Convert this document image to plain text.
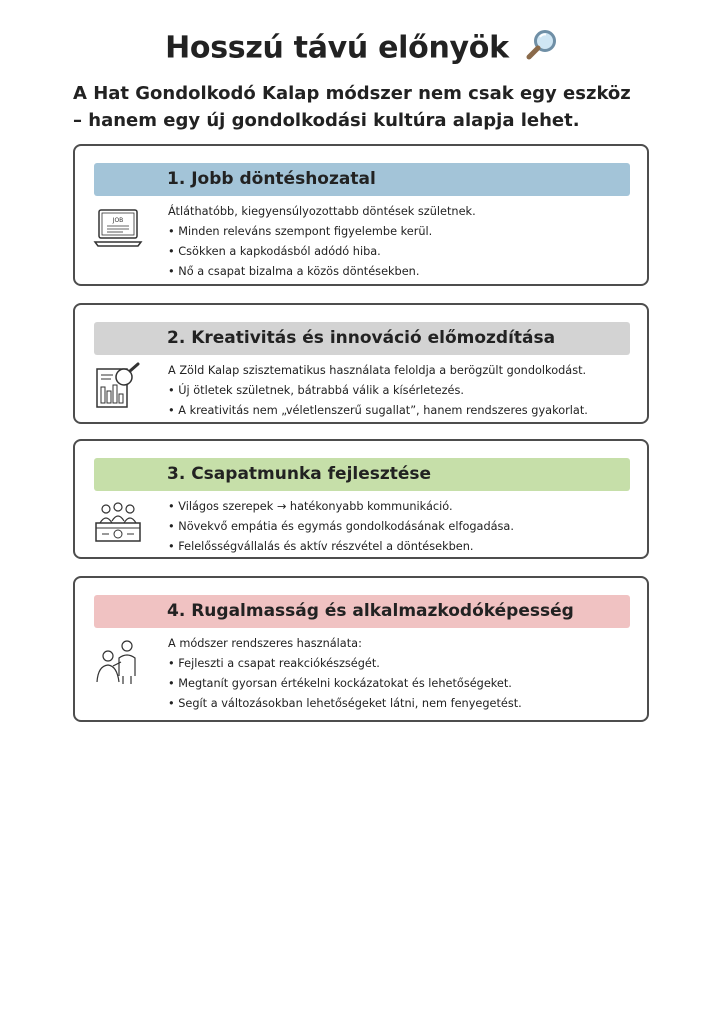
Hosszú távú előnyök
A Hat Gondolkodó Kalap módszer nem csak egy eszköz
– hanem egy új gondolkodási kultúra alapja lehet.
1. Jobb döntéshozatal
JOB
Átláthatóbb, kiegyensúlyozottabb döntések születnek.
• Minden releváns szempont figyelembe kerül.
• Csökken a kapkodásból adódó hiba.
• Nő a csapat bizalma a közös döntésekben.
2. Kreativitás és innováció előmozdítása
A Zöld Kalap szisztematikus használata feloldja a berögzült gondolkodást.
• Új ötletek születnek, bátrabbá válik a kísérletezés.
• A kreativitás nem „véletlenszerű sugallat”, hanem rendszeres gyakorlat.
3. Csapatmunka fejlesztése
• Világos szerepek → hatékonyabb kommunikáció.
• Növekvő empátia és egymás gondolkodásának elfogadása.
• Felelősségvállalás és aktív részvétel a döntésekben.
4. Rugalmasság és alkalmazkodóképesség
A módszer rendszeres használata:
• Fejleszti a csapat reakciókészségét.
• Megtanít gyorsan értékelni kockázatokat és lehetőségeket.
• Segít a változásokban lehetőségeket látni, nem fenyegetést.
